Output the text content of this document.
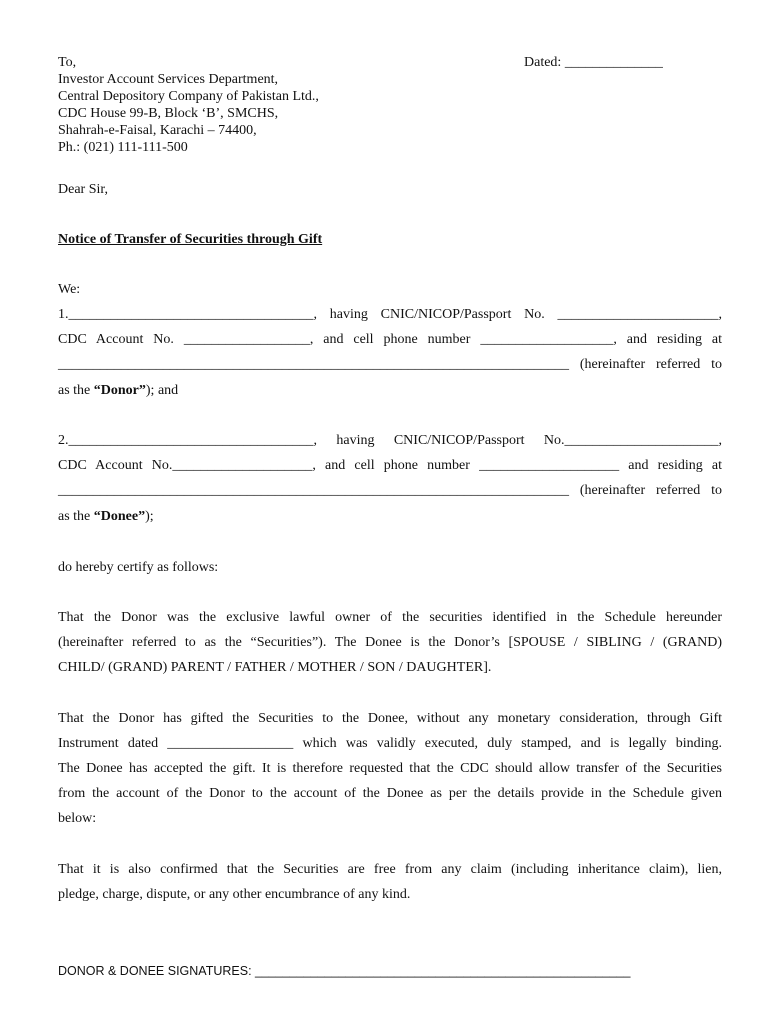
To,
Investor Account Services Department,
Central Depository Company of Pakistan Ltd.,
CDC House 99-B, Block ‘B’, SMCHS,
Shahrah-e-Faisal, Karachi – 74400,
Ph.: (021) 111-111-500
Dated: ______________
Dear Sir,
Notice of Transfer of Securities through Gift
We:
1.___________________________________, having CNIC/NICOP/Passport No. _______________________,
CDC Account No. __________________, and cell phone number ___________________, and residing at
_________________________________________________________________________ (hereinafter referred to
as the “Donor”); and
2.___________________________________, having CNIC/NICOP/Passport No.______________________,
CDC Account No.____________________, and cell phone number ____________________ and residing at
_________________________________________________________________________ (hereinafter referred to
as the “Donee”);
do hereby certify as follows:
That the Donor was the exclusive lawful owner of the securities identified in the Schedule hereunder
(hereinafter referred to as the “Securities”). The Donee is the Donor’s [SPOUSE / SIBLING / (GRAND)
CHILD/ (GRAND) PARENT / FATHER / MOTHER / SON / DAUGHTER].
That the Donor has gifted the Securities to the Donee, without any monetary consideration, through Gift
Instrument dated __________________ which was validly executed, duly stamped, and is legally binding.
The Donee has accepted the gift. It is therefore requested that the CDC should allow transfer of the Securities
from the account of the Donor to the account of the Donee as per the details provide in the Schedule given
below:
That it is also confirmed that the Securities are free from any claim (including inheritance claim), lien,
pledge, charge, dispute, or any other encumbrance of any kind.
DONOR & DONEE SIGNATURES: ______________________________________________________
